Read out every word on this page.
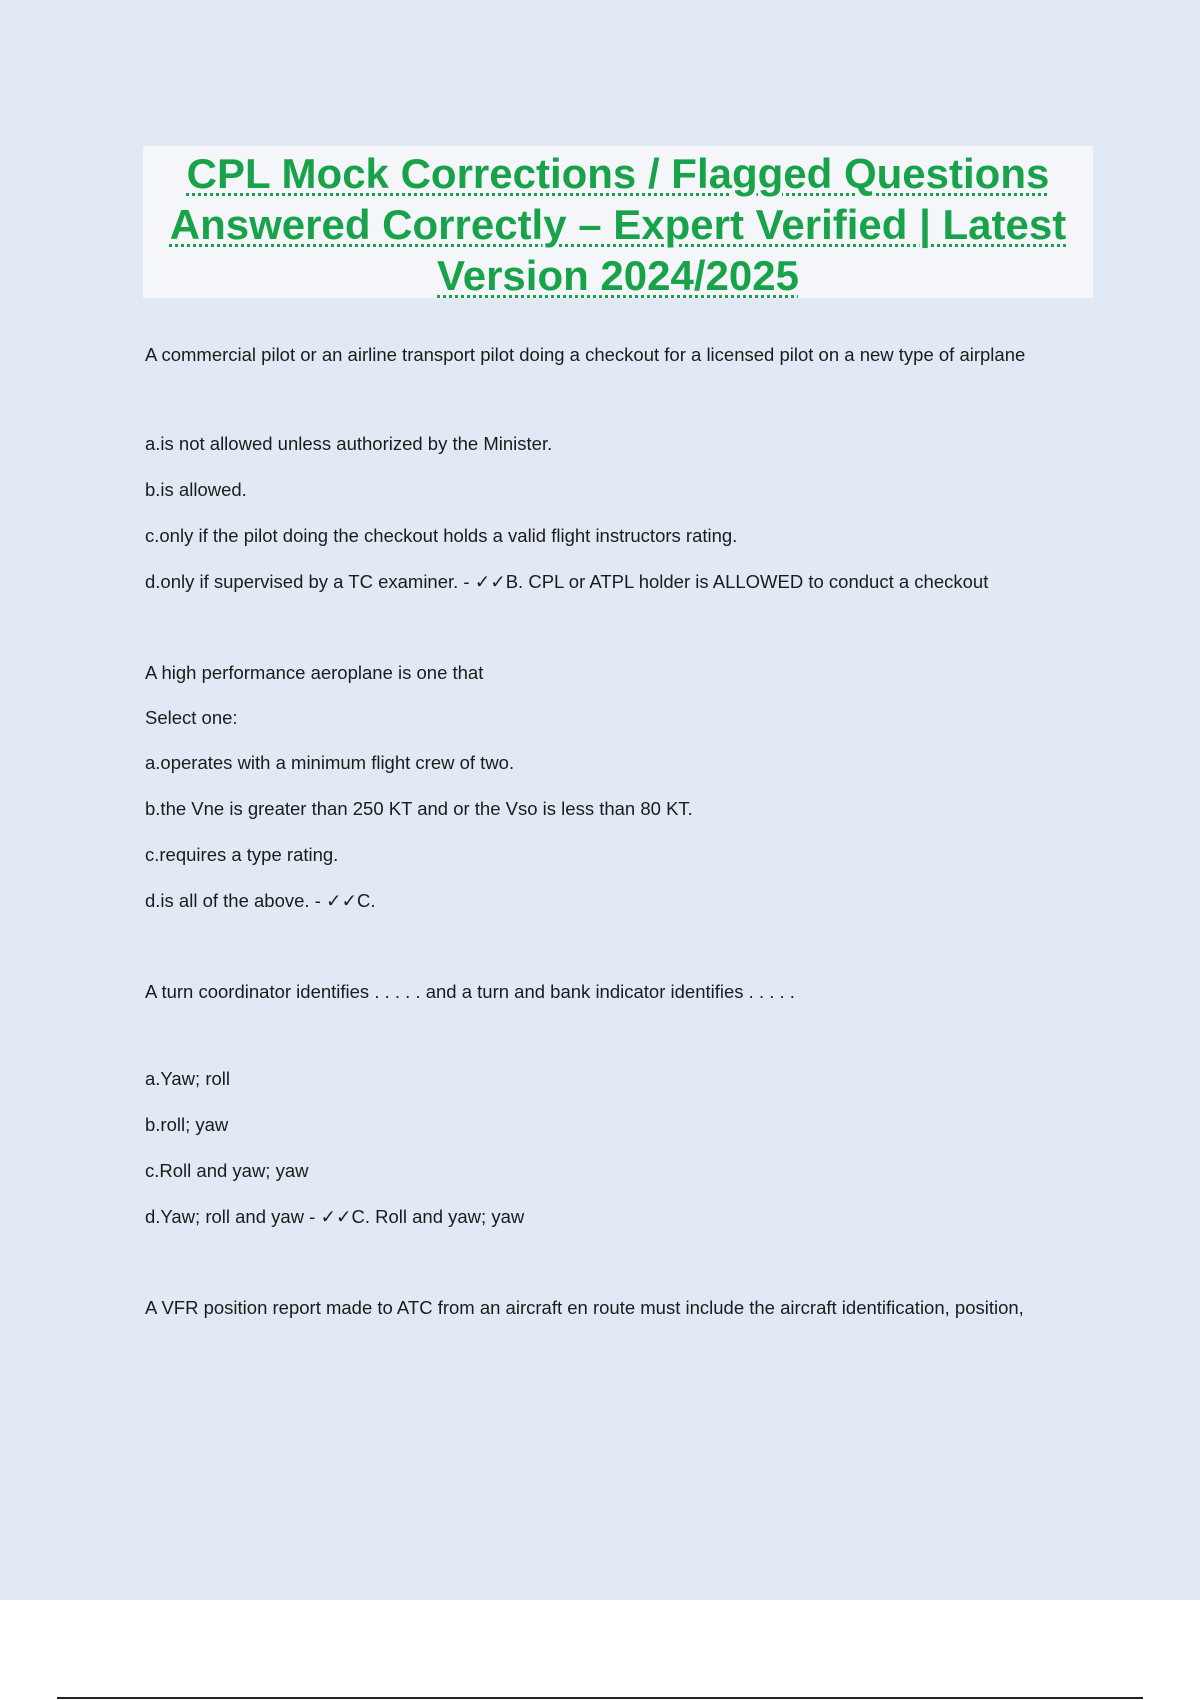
CPL Mock Corrections / Flagged Questions Answered Correctly – Expert Verified | Latest Version 2024/2025

A commercial pilot or an airline transport pilot doing a checkout for a licensed pilot on a new type of airplane

a.is not allowed unless authorized by the Minister.

b.is allowed.

c.only if the pilot doing the checkout holds a valid flight instructors rating.

d.only if supervised by a TC examiner. - ✓✓B. CPL or ATPL holder is ALLOWED to conduct a checkout

A high performance aeroplane is one that

Select one:

a.operates with a minimum flight crew of two.

b.the Vne is greater than 250 KT and or the Vso is less than 80 KT.

c.requires a type rating.

d.is all of the above. - ✓✓C.

A turn coordinator identifies . . . . . and a turn and bank indicator identifies . . . . .

a.Yaw; roll

b.roll; yaw

c.Roll and yaw; yaw

d.Yaw; roll and yaw - ✓✓C. Roll and yaw; yaw

A VFR position report made to ATC from an aircraft en route must include the aircraft identification, position,
